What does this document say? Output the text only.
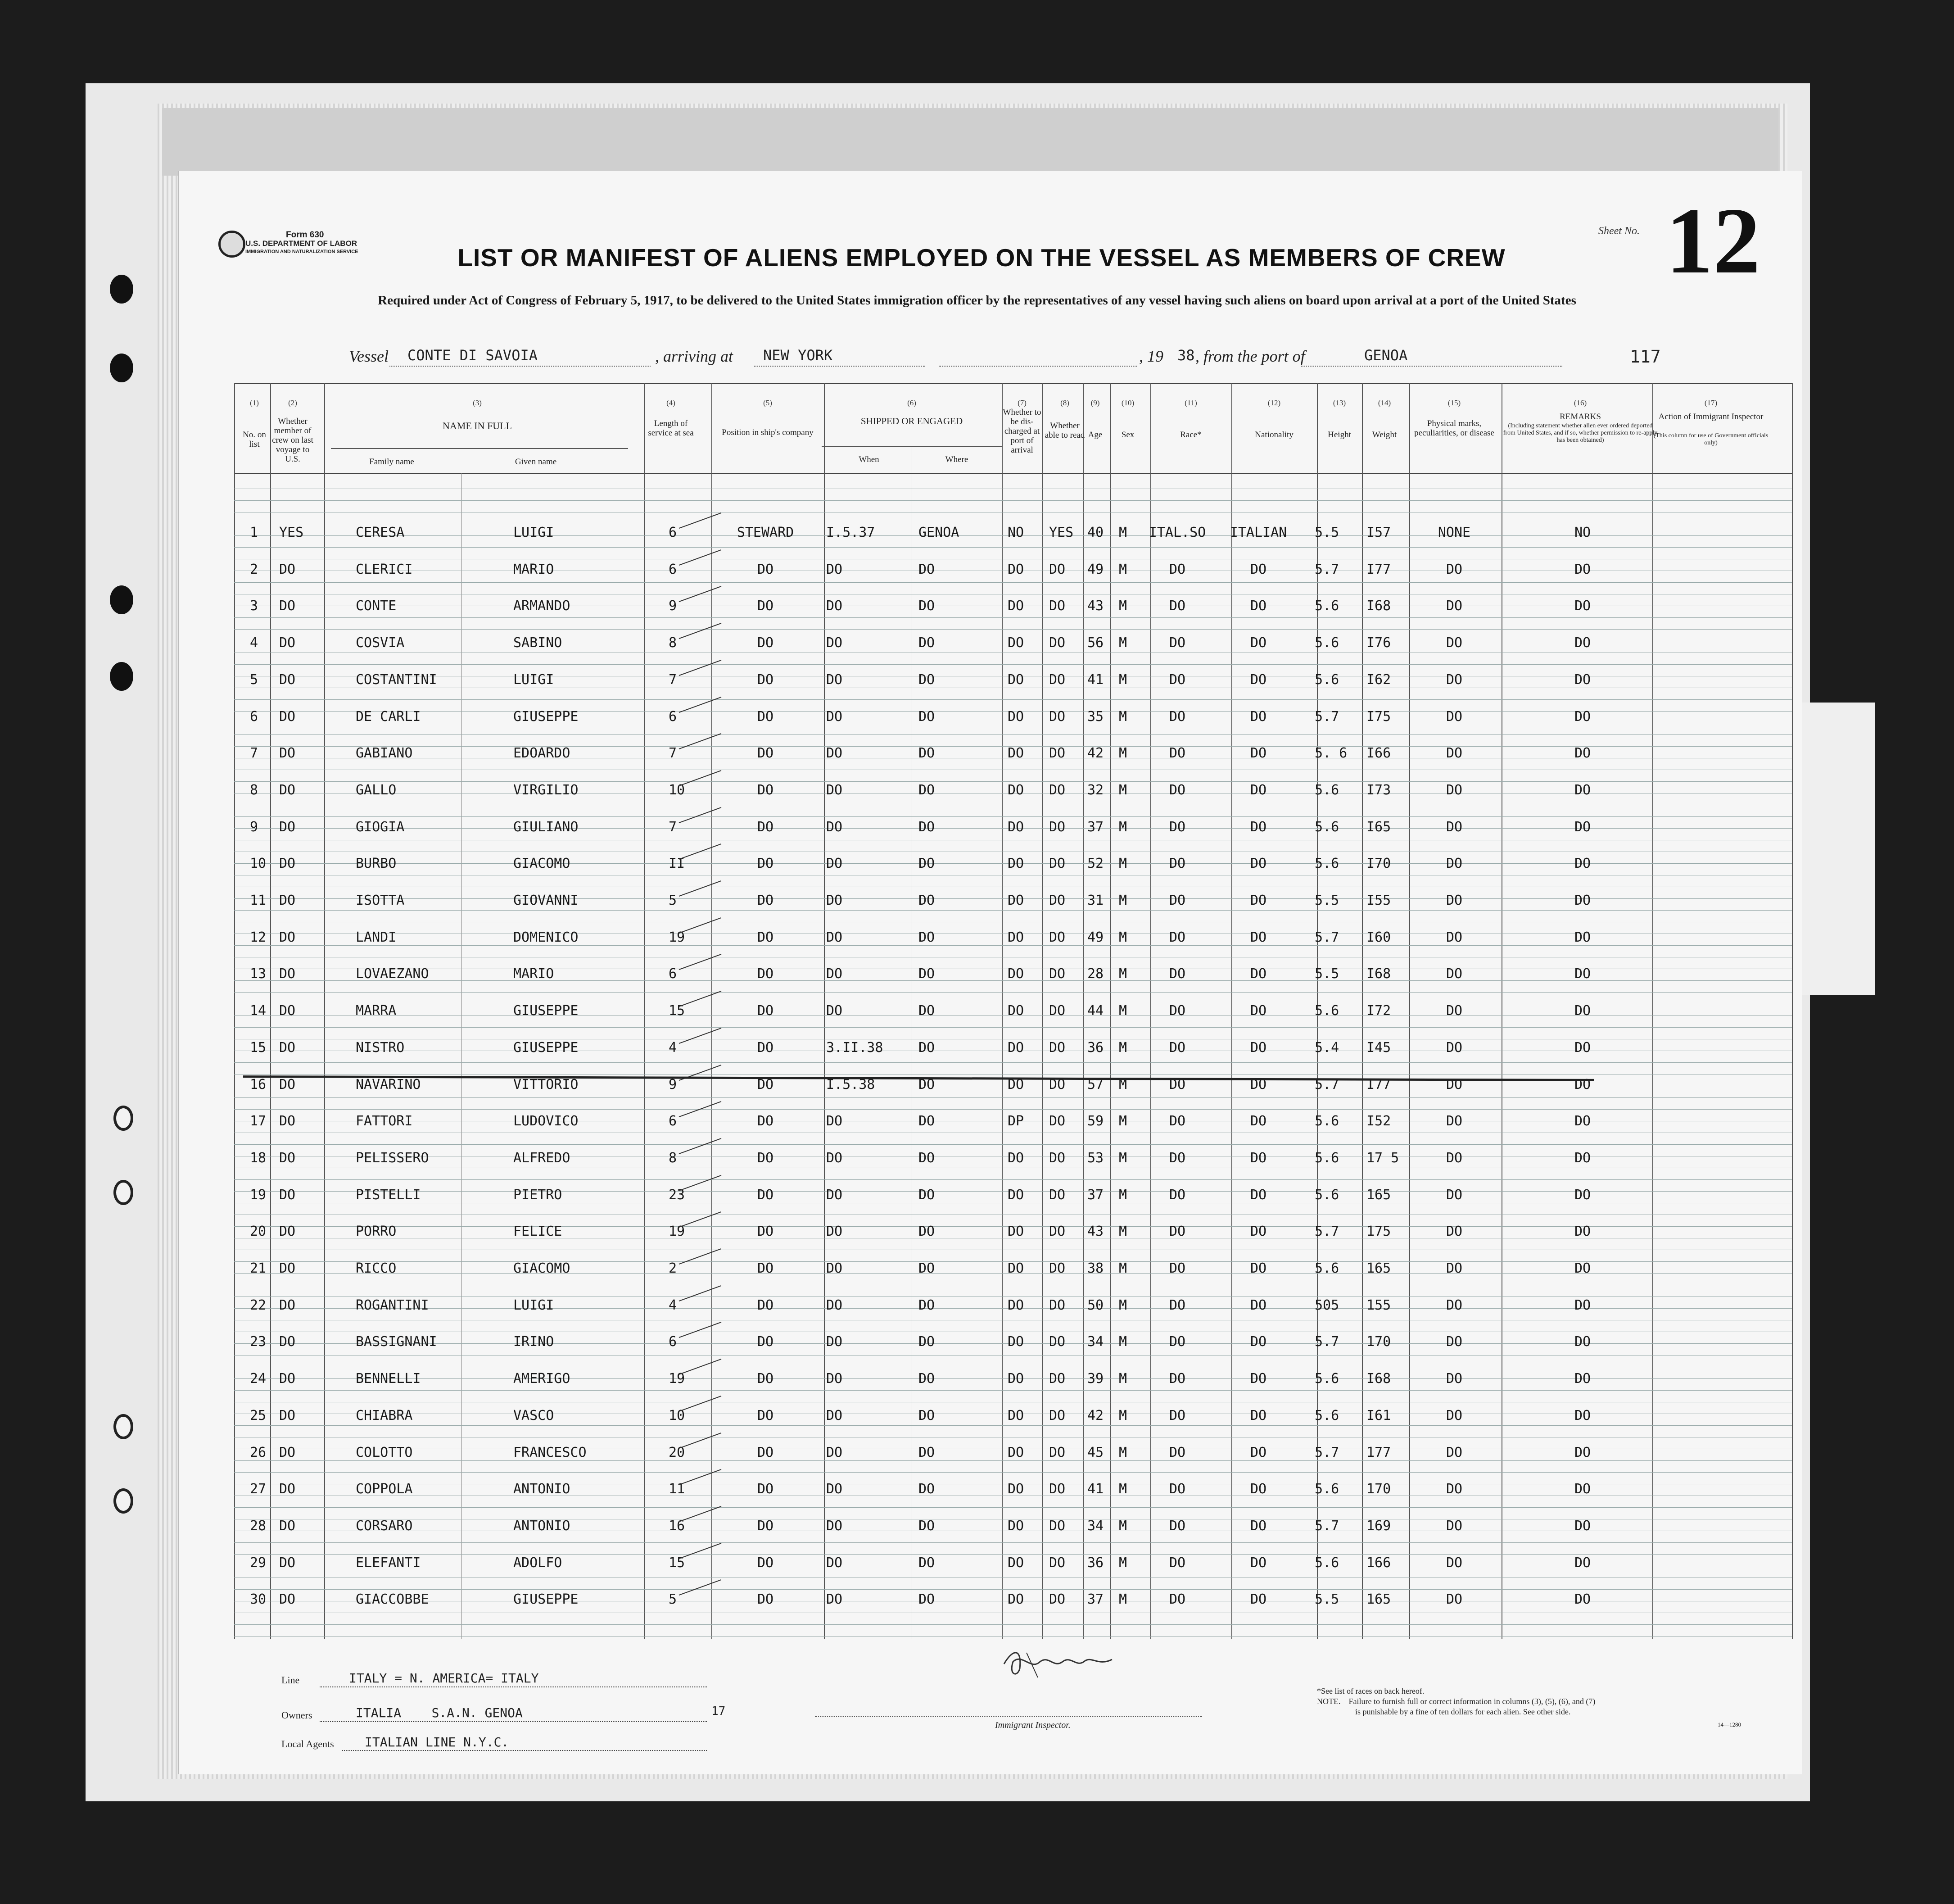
Form 630
U.S. DEPARTMENT OF LABOR
IMMIGRATION AND NATURALIZATION SERVICE
Sheet No. 12
LIST OR MANIFEST OF ALIENS EMPLOYED ON THE VESSEL AS MEMBERS OF CREW
Required under Act of Congress of February 5, 1917, to be delivered to the United States immigration officer by the representatives of any vessel having such aliens on board upon arrival at a port of the United States
Vessel CONTE DI SAVOIA	, arriving at NEW YORK	, 19 38 , from the port of	GENOA	117
(1)
No. on list
(2)
Whether member of crew on last voyage to U.S.
(3)
NAME IN FULL
Family name	Given name
(4)
Length of service at sea
(5)
Position in ship's company
(6)
SHIPPED OR ENGAGED
When	Where
(7)
Whether to be dis-charged at port of arrival
(8)
Whether able to read
(9)
Age
(10)
Sex
(11)
Race*
(12)
Nationality
(13)
Height
(14)
Weight
(15)
Physical marks, peculiarities, or disease
(16)
REMARKS
(Including statement whether alien ever ordered deported from United States, and if so, whether permission to re-apply has been obtained)
(17)
Action of Immigrant Inspector
(This column for use of Government officials only)
1 YES	CERESA	LUIGI	6	STEWARD	I.5.37	GENOA	NO YES 40 M	ITAL.SO	ITALIAN	5.5 I57	NONE	NO
2 DO	CLERICI	MARIO	6	DO	DO	DO	DO DO 49 M	DO	DO	5.7 I77	DO	DO
3 DO	CONTE	ARMANDO	9	DO	DO	DO	DO DO 43 M	DO	DO	5.6 I68	DO	DO
4 DO	COSVIA	SABINO	8	DO	DO	DO	DO DO 56 M	DO	DO	5.6 I76	DO	DO
5 DO	COSTANTINI	LUIGI	7	DO	DO	DO	DO DO 41 M	DO	DO	5.6 I62	DO	DO
6 DO	DE CARLI	GIUSEPPE	6	DO	DO	DO	DO DO 35 M	DO	DO	5.7 I75	DO	DO
7 DO	GABIANO	EDOARDO	7	DO	DO	DO	DO DO 42 M	DO	DO	5. 6 I66	DO	DO
8 DO	GALLO	VIRGILIO	10	DO	DO	DO	DO DO 32 M	DO	DO	5.6 I73	DO	DO
9 DO	GIOGIA	GIULIANO	7	DO	DO	DO	DO DO 37 M	DO	DO	5.6 I65	DO	DO
10 DO	BURBO	GIACOMO	II	DO	DO	DO	DO DO 52 M	DO	DO	5.6 I70	DO	DO
11 DO	ISOTTA	GIOVANNI	5	DO	DO	DO	DO DO 31 M	DO	DO	5.5 I55	DO	DO
12 DO	LANDI	DOMENICO	19	DO	DO	DO	DO DO 49 M	DO	DO	5.7 I60	DO	DO
13 DO	LOVAEZANO	MARIO	6	DO	DO	DO	DO DO 28 M	DO	DO	5.5 I68	DO	DO
14 DO	MARRA	GIUSEPPE	15	DO	DO	DO	DO DO 44 M	DO	DO	5.6 I72	DO	DO
15 DO	NISTRO	GIUSEPPE	4	DO	3.II.38	DO	DO DO 36 M	DO	DO	5.4 I45	DO	DO
16 DO	NAVARINO	VITTORIO	9	DO	I.5.38	DO	DO DO 57 M	DO	DO	5.7 I77	DO	DO
17 DO	FATTORI	LUDOVICO	6	DO	DO	DO	DP DO 59 M	DO	DO	5.6 I52	DO	DO
18 DO	PELISSERO	ALFREDO	8	DO	DO	DO	DO DO 53 M	DO	DO	5.6 17 5	DO	DO
19 DO	PISTELLI	PIETRO	23	DO	DO	DO	DO DO 37 M	DO	DO	5.6 165	DO	DO
20 DO	PORRO	FELICE	19	DO	DO	DO	DO DO 43 M	DO	DO	5.7 175	DO	DO
21 DO	RICCO	GIACOMO	2	DO	DO	DO	DO DO 38 M	DO	DO	5.6 165	DO	DO
22 DO	ROGANTINI	LUIGI	4	DO	DO	DO	DO DO 50 M	DO	DO	505 155	DO	DO
23 DO	BASSIGNANI	IRINO	6	DO	DO	DO	DO DO 34 M	DO	DO	5.7 170	DO	DO
24 DO	BENNELLI	AMERIGO	19	DO	DO	DO	DO DO 39 M	DO	DO	5.6 I68	DO	DO
25 DO	CHIABRA	VASCO	10	DO	DO	DO	DO DO 42 M	DO	DO	5.6 I61	DO	DO
26 DO	COLOTTO	FRANCESCO	20	DO	DO	DO	DO DO 45 M	DO	DO	5.7 177	DO	DO
27 DO	COPPOLA	ANTONIO	11	DO	DO	DO	DO DO 41 M	DO	DO	5.6 170	DO	DO
28 DO	CORSARO	ANTONIO	16	DO	DO	DO	DO DO 34 M	DO	DO	5.7 169	DO	DO
29 DO	ELEFANTI	ADOLFO	15	DO	DO	DO	DO DO 36 M	DO	DO	5.6 166	DO	DO
30 DO	GIACCOBBE	GIUSEPPE	5	DO	DO	DO	DO DO 37 M	DO	DO	5.5 165	DO	DO
Line	ITALY = N. AMERICA= ITALY
Owners	ITALIA    S.A.N. GENOA
Local Agents ITALIAN LINE N.Y.C.
17
Immigrant Inspector.
*See list of races on back hereof.
NOTE.—Failure to furnish full or correct information in columns (3), (5), (6), and (7)
is punishable by a fine of ten dollars for each alien. See other side.
14—1280
